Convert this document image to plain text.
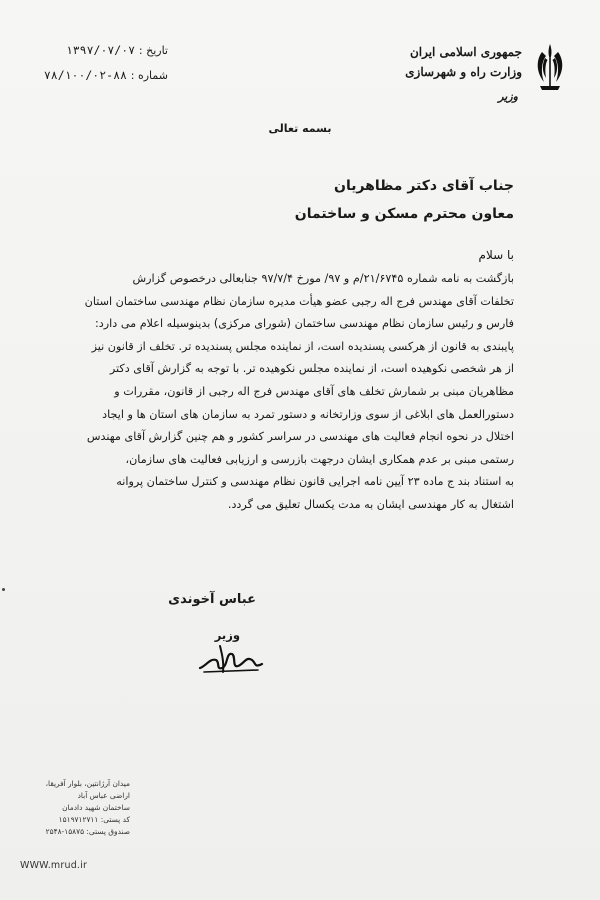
جمهوری اسلامی ایران
وزارت راه و شهرسازی
وزیر
تاریخ : ۱۳۹۷/۰۷/۰۷
شماره : ۸۸-۷۸/۱۰۰/۰۲
بسمه تعالی
جناب آقای دکتر مظاهریان
معاون محترم مسکن و ساختمان
با سلام
بازگشت به نامه شماره ۲۱/۶۷۴۵/م و ۹۷/ مورخ ۹۷/۷/۴ جنابعالی درخصوص گزارش
تخلفات آقای مهندس فرج اله رجبی عضو هیأت مدیره سازمان نظام مهندسی ساختمان استان
فارس و رئیس سازمان نظام مهندسی ساختمان (شورای مرکزی) بدینوسیله اعلام می دارد:
پایبندی به قانون از هرکسی پسندیده است، از نماینده مجلس پسندیده تر. تخلف از قانون نیز
از هر شخصی نکوهیده است، از نماینده مجلس نکوهیده تر. با توجه به گزارش آقای دکتر
مظاهریان مبنی بر شمارش تخلف های آقای مهندس فرج اله رجبی از قانون، مقررات و
دستورالعمل های ابلاغی از سوی وزارتخانه و دستور تمرد به سازمان های استان ها و ایجاد
اختلال در نحوه انجام فعالیت های مهندسی در سراسر کشور و هم چنین گزارش آقای مهندس
رستمی مبنی بر عدم همکاری ایشان درجهت بازرسی و ارزیابی فعالیت های سازمان،
به استناد بند ج ماده ۲۳ آیین نامه اجرایی قانون نظام مهندسی و کنترل ساختمان پروانه
اشتغال به کار مهندسی ایشان به مدت یکسال تعلیق می گردد.
عباس آخوندی
وزیر
میدان آرژانتین، بلوار آفریقا،
اراضی عباس آباد
ساختمان شهید دادمان
کد پستی: ۱۵۱۹۷۱۲۷۱۱
صندوق پستی: ۱۵۸۷۵-۲۵۴۸
WWW.mrud.ir
